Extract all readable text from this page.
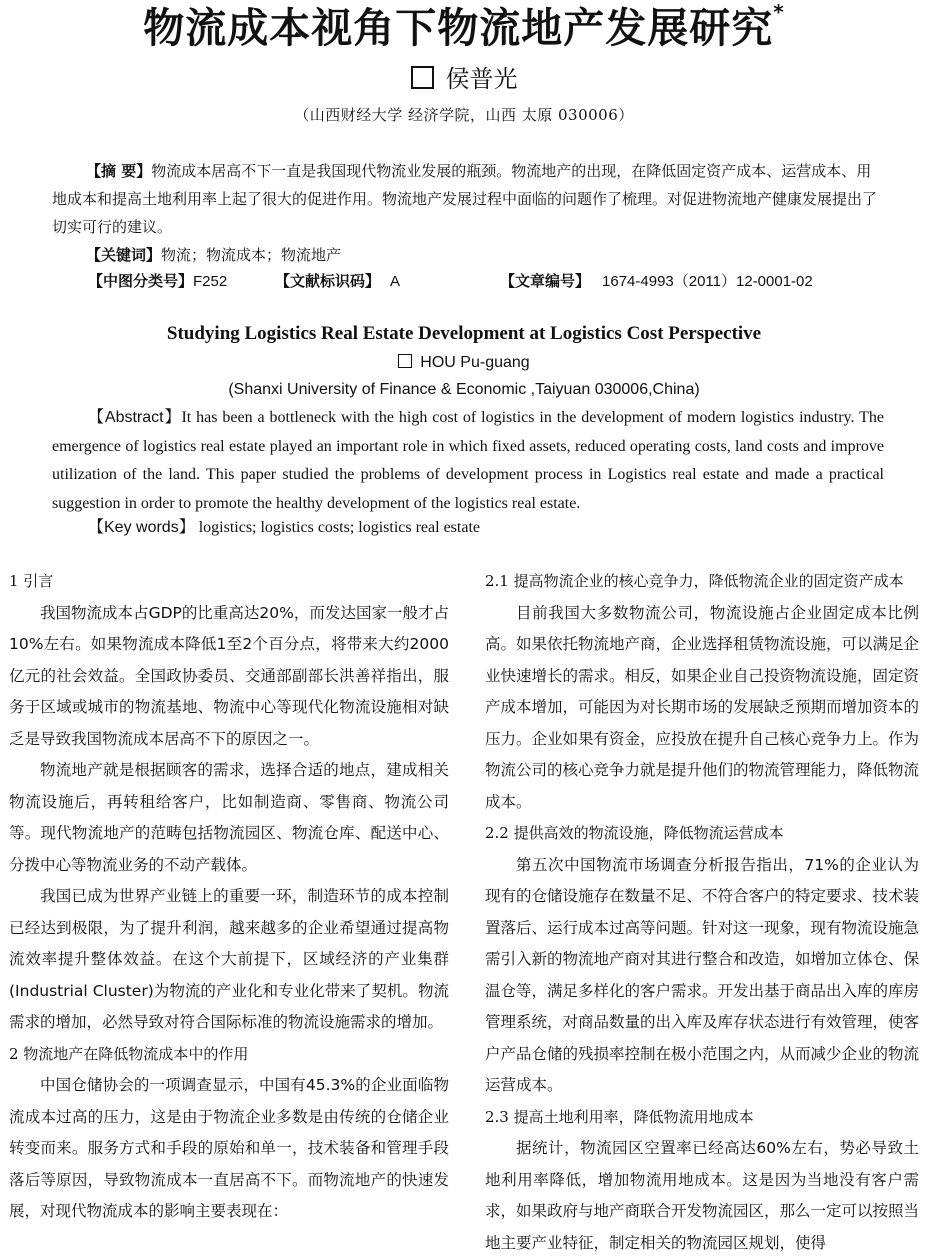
物流成本视角下物流地产发展研究*
侯普光
（山西财经大学 经济学院，山西 太原 030006）

【摘 要】物流成本居高不下一直是我国现代物流业发展的瓶颈。物流地产的出现，在降低固定资产成本、运营成本、用地成本和提高土地利用率上起了很大的促进作用。物流地产发展过程中面临的问题作了梳理。对促进物流地产健康发展提出了切实可行的建议。

【关键词】物流；物流成本；物流地产

【中图分类号】F252	【文献标识码】 A	【文章编号】 1674-4993（2011）12-0001-02
Studying Logistics Real Estate Development at Logistics Cost Perspective
HOU Pu-guang
(Shanxi University of Finance & Economic ,Taiyuan 030006,China)

【Abstract】It has been a bottleneck with the high cost of logistics in the development of modern logistics industry. The emergence of logistics real estate played an important role in which fixed assets, reduced operating costs, land costs and improve utilization of the land. This paper studied the problems of development process in Logistics real estate and made a practical suggestion in order to promote the healthy development of the logistics real estate.

【Key words】 logistics; logistics costs; logistics real estate
1 引言

我国物流成本占GDP的比重高达20%，而发达国家一般才占10%左右。如果物流成本降低1至2个百分点，将带来大约2000亿元的社会效益。全国政协委员、交通部副部长洪善祥指出，服务于区域或城市的物流基地、物流中心等现代化物流设施相对缺乏是导致我国物流成本居高不下的原因之一。

物流地产就是根据顾客的需求，选择合适的地点，建成相关物流设施后，再转租给客户，比如制造商、零售商、物流公司等。现代物流地产的范畴包括物流园区、物流仓库、配送中心、分拨中心等物流业务的不动产载体。

我国已成为世界产业链上的重要一环，制造环节的成本控制已经达到极限，为了提升利润，越来越多的企业希望通过提高物流效率提升整体效益。在这个大前提下，区域经济的产业集群(Industrial Cluster)为物流的产业化和专业化带来了契机。物流需求的增加，必然导致对符合国际标准的物流设施需求的增加。

2 物流地产在降低物流成本中的作用

中国仓储协会的一项调查显示，中国有45.3%的企业面临物流成本过高的压力，这是由于物流企业多数是由传统的仓储企业转变而来。服务方式和手段的原始和单一，技术装备和管理手段落后等原因，导致物流成本一直居高不下。而物流地产的快速发展，对现代物流成本的影响主要表现在：

2.1 提高物流企业的核心竞争力，降低物流企业的固定资产成本

目前我国大多数物流公司，物流设施占企业固定成本比例高。如果依托物流地产商，企业选择租赁物流设施，可以满足企业快速增长的需求。相反，如果企业自己投资物流设施，固定资产成本增加，可能因为对长期市场的发展缺乏预期而增加资本的压力。企业如果有资金，应投放在提升自己核心竞争力上。作为物流公司的核心竞争力就是提升他们的物流管理能力，降低物流成本。

2.2 提供高效的物流设施，降低物流运营成本

第五次中国物流市场调查分析报告指出，71%的企业认为现有的仓储设施存在数量不足、不符合客户的特定要求、技术装置落后、运行成本过高等问题。针对这一现象，现有物流设施急需引入新的物流地产商对其进行整合和改造，如增加立体仓、保温仓等，满足多样化的客户需求。开发出基于商品出入库的库房管理系统，对商品数量的出入库及库存状态进行有效管理，使客户产品仓储的残损率控制在极小范围之内，从而减少企业的物流运营成本。

2.3 提高土地利用率，降低物流用地成本

据统计，物流园区空置率已经高达60%左右，势必导致土地利用率降低，增加物流用地成本。这是因为当地没有客户需求，如果政府与地产商联合开发物流园区，那么一定可以按照当地主要产业特征，制定相关的物流园区规划，使得
